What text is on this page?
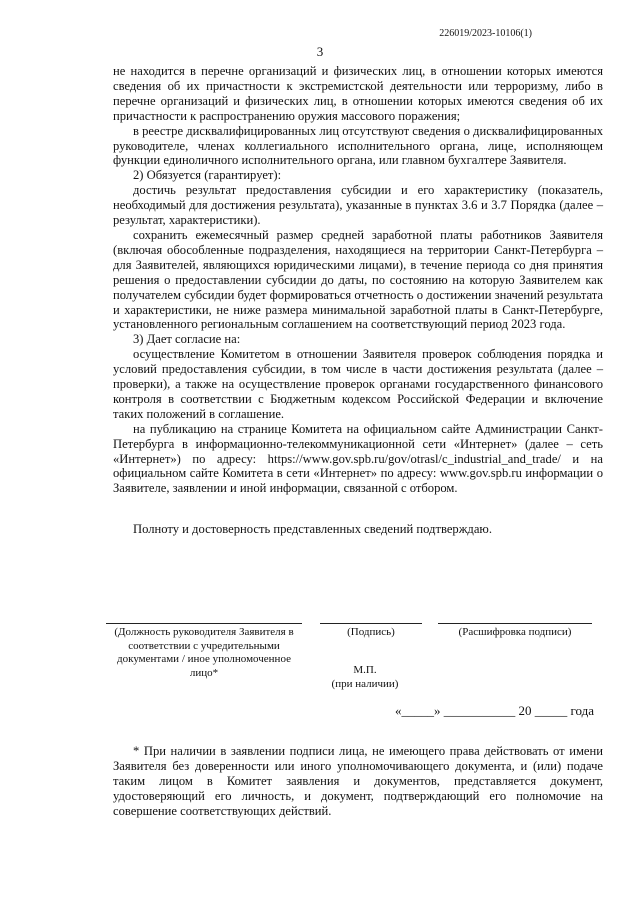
226019/2023-10106(1)
3

не находится в перечне организаций и физических лиц, в отношении которых имеются сведения об их причастности к экстремистской деятельности или терроризму, либо в перечне организаций и физических лиц, в отношении которых имеются сведения об их причастности к распространению оружия массового поражения;

в реестре дисквалифицированных лиц отсутствуют сведения о дисквалифицированных руководителе, членах коллегиального исполнительного органа, лице, исполняющем функции единоличного исполнительного органа, или главном бухгалтере Заявителя.

2) Обязуется (гарантирует):

достичь результат предоставления субсидии и его характеристику (показатель, необходимый для достижения результата), указанные в пунктах 3.6 и 3.7 Порядка (далее – результат, характеристики).

сохранить ежемесячный размер средней заработной платы работников Заявителя (включая обособленные подразделения, находящиеся на территории Санкт-Петербурга – для Заявителей, являющихся юридическими лицами), в течение периода со дня принятия решения о предоставлении субсидии до даты, по состоянию на которую Заявителем как получателем субсидии будет формироваться отчетность о достижении значений результата и характеристики, не ниже размера минимальной заработной платы в Санкт-Петербурге, установленного региональным соглашением на соответствующий период 2023 года.

3) Дает согласие на:

осуществление Комитетом в отношении Заявителя проверок соблюдения порядка и условий предоставления субсидии, в том числе в части достижения результата (далее – проверки), а также на осуществление проверок органами государственного финансового контроля в соответствии с Бюджетным кодексом Российской Федерации и включение таких положений в соглашение.

на публикацию на странице Комитета на официальном сайте Администрации Санкт-Петербурга в информационно-телекоммуникационной сети «Интернет» (далее – сеть «Интернет») по адресу: https://www.gov.spb.ru/gov/otrasl/c_industrial_and_trade/ и на официальном сайте Комитета в сети «Интернет» по адресу: www.gov.spb.ru информации о Заявителе, заявлении и иной информации, связанной с отбором.

Полноту и достоверность представленных сведений подтверждаю.

(Должность руководителя Заявителя в соответствии с учредительными документами / иное уполномоченное лицо*
(Подпись)	(Расшифровка подписи)
М.П.
(при наличии)
«_____» ___________ 20 _____ года

* При наличии в заявлении подписи лица, не имеющего права действовать от имени Заявителя без доверенности или иного уполномочивающего документа, и (или) подаче таким лицом в Комитет заявления и документов, представляется документ, удостоверяющий его личность, и документ, подтверждающий его полномочие на совершение соответствующих действий.
